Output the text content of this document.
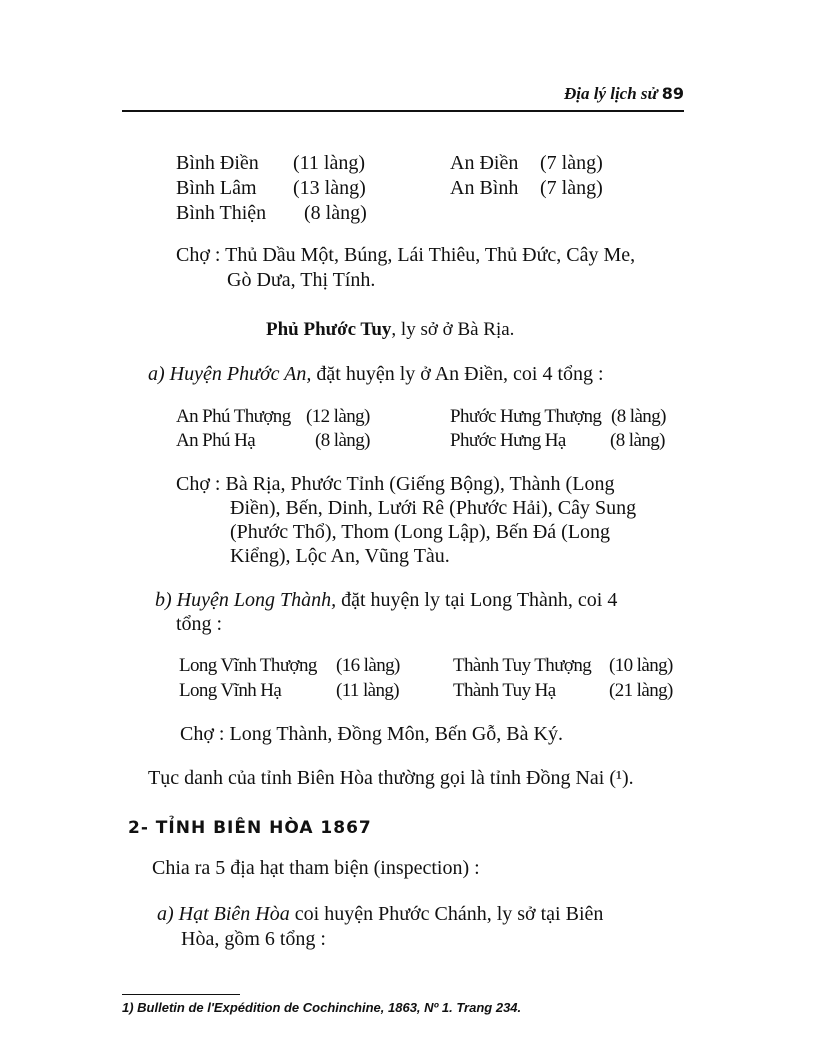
Địa lý lịch sử 89
Bình Điền (11 làng)	An Điền (7 làng)
Bình Lâm (13 làng)	An Bình (7 làng)
Bình Thiện (8 làng)
Chợ : Thủ Dầu Một, Búng, Lái Thiêu, Thủ Đức, Cây Me,
Gò Dưa, Thị Tính.
Phủ Phước Tuy, ly sở ở Bà Rịa.
a) Huyện Phước An, đặt huyện ly ở An Điền, coi 4 tổng :
An Phú Thượng (12 làng)	Phước Hưng Thượng (8 làng)
An Phú Hạ	(8 làng)	Phước Hưng Hạ (8 làng)
Chợ : Bà Rịa, Phước Tỉnh (Giếng Bộng), Thành (Long
Điền), Bến, Dinh, Lưới Rê (Phước Hải), Cây Sung
(Phước Thổ), Thom (Long Lập), Bến Đá (Long
Kiểng), Lộc An, Vũng Tàu.
b) Huyện Long Thành, đặt huyện ly tại Long Thành, coi 4
tổng :
Long Vĩnh Thượng (16 làng)	Thành Tuy Thượng (10 làng)
Long Vĩnh Hạ	(11 làng)	Thành Tuy Hạ	(21 làng)
Chợ : Long Thành, Đồng Môn, Bến Gỗ, Bà Ký.
Tục danh của tỉnh Biên Hòa thường gọi là tỉnh Đồng Nai (¹).
2- TỈNH BIÊN HÒA 1867
Chia ra 5 địa hạt tham biện (inspection) :
a) Hạt Biên Hòa coi huyện Phước Chánh, ly sở tại Biên
Hòa, gồm 6 tổng :
1) Bulletin de l'Expédition de Cochinchine, 1863, Nº 1. Trang 234.
